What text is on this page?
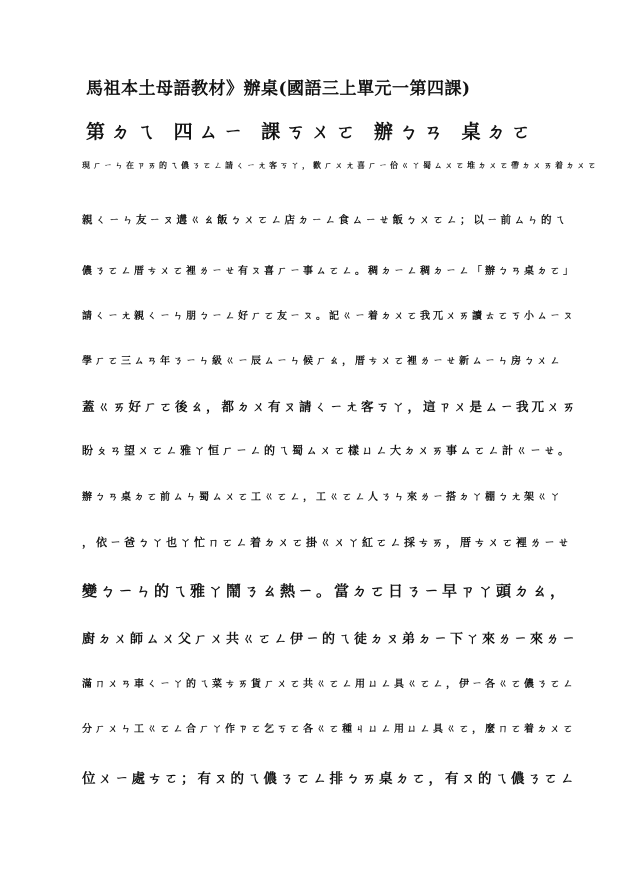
馬祖本土母語教材》辦桌(國語三上單元一第四課)
第ㄉㄟ 四ㄙㄧ 課ㄎㄨㄛ 辦ㄅㄢ 桌ㄉㄛ
現ㄏㄧㄣ在ㄗㄞ的ㄟ儂ㄋㄛㄥ請ㄑㄧㄤ客ㄎㄚ，歡ㄏㄨㄤ喜ㄏㄧ佮ㄍㄚ蜀ㄙㄨㄛ堆ㄉㄨㄛ帶ㄉㄨㄞ着ㄉㄨㄛ
親ㄑㄧㄣ友ㄧㄡ遘ㄍㄠ飯ㄅㄨㄛㄥ店ㄉㄧㄥ食ㄙㄧㄝ飯ㄅㄨㄛㄥ；以ㄧ前ㄙㄣ的ㄟ
儂ㄋㄛㄥ厝ㄘㄨㄛ裡ㄌㄧㄝ有ㄡ喜ㄏㄧ事ㄙㄛㄥ。稠ㄉㄧㄥ稠ㄉㄧㄥ「辦ㄅㄢ桌ㄉㄛ」
請ㄑㄧㄤ親ㄑㄧㄣ朋ㄅㄧㄥ好ㄏㄛ友ㄧㄡ。記ㄍㄧ着ㄉㄨㄛ我ㄫㄨㄞ讀ㄊㄛㄎ小ㄙㄧㄡ
學ㄏㄛ三ㄙㄢ年ㄋㄧㄣ級ㄍㄧ辰ㄙㄧㄣ候ㄏㄠ，厝ㄘㄨㄛ裡ㄌㄧㄝ新ㄙㄧㄣ房ㄅㄨㄥ
蓋ㄍㄞ好ㄏㄛ後ㄠ，都ㄉㄨ有ㄡ請ㄑㄧㄤ客ㄎㄚ，這ㄗㄨ是ㄙㄧ我ㄫㄨㄞ
盼ㄆㄢ望ㄨㄛㄥ雅ㄚ恒ㄏㄧㄥ的ㄟ蜀ㄙㄨㄛ樣ㄩㄥ大ㄉㄨㄞ事ㄙㄛㄥ計ㄍㄧㄝ。
辦ㄅㄢ桌ㄉㄛ前ㄙㄣ蜀ㄙㄨㄛ工ㄍㄛㄥ，工ㄍㄛㄥ人ㄋㄣ來ㄌㄧ搭ㄉㄚ棚ㄅㄤ架ㄍㄚ
，依ㄧ爸ㄅㄚ也ㄚ忙ㄇㄛㄥ着ㄉㄨㄛ掛ㄍㄨㄚ紅ㄛㄥ採ㄘㄞ，厝ㄘㄨㄛ裡ㄌㄧㄝ
變ㄅㄧㄣ的ㄟ雅ㄚ鬧ㄋㄠ熱ㄧ。當ㄉㄛ日ㄋㄧ早ㄗㄚ頭ㄉㄠ，
廚ㄉㄨ師ㄙㄨ父ㄏㄨ共ㄍㄛㄥ伊ㄧ的ㄟ徒ㄉㄡ弟ㄉㄧ下ㄚ來ㄌㄧ來ㄌㄧ
滿ㄇㄨㄢ車ㄑㄧㄚ的ㄟ菜ㄘㄞ貨ㄏㄨㄛ共ㄍㄛㄥ用ㄩㄥ具ㄍㄛㄥ，伊ㄧ各ㄍㄛ儂ㄋㄛㄥ
分ㄏㄨㄣ工ㄍㄛㄥ合ㄏㄚ作ㄗㄛ乞ㄎㄛ各ㄍㄛ種ㄐㄩㄥ用ㄩㄥ具ㄍㄛ，麼ㄇㄛ着ㄉㄨㄛ
位ㄨㄧ處ㄘㄛ；有ㄡ的ㄟ儂ㄋㄛㄥ排ㄅㄞ桌ㄉㄛ，有ㄡ的ㄟ儂ㄋㄛㄥ
